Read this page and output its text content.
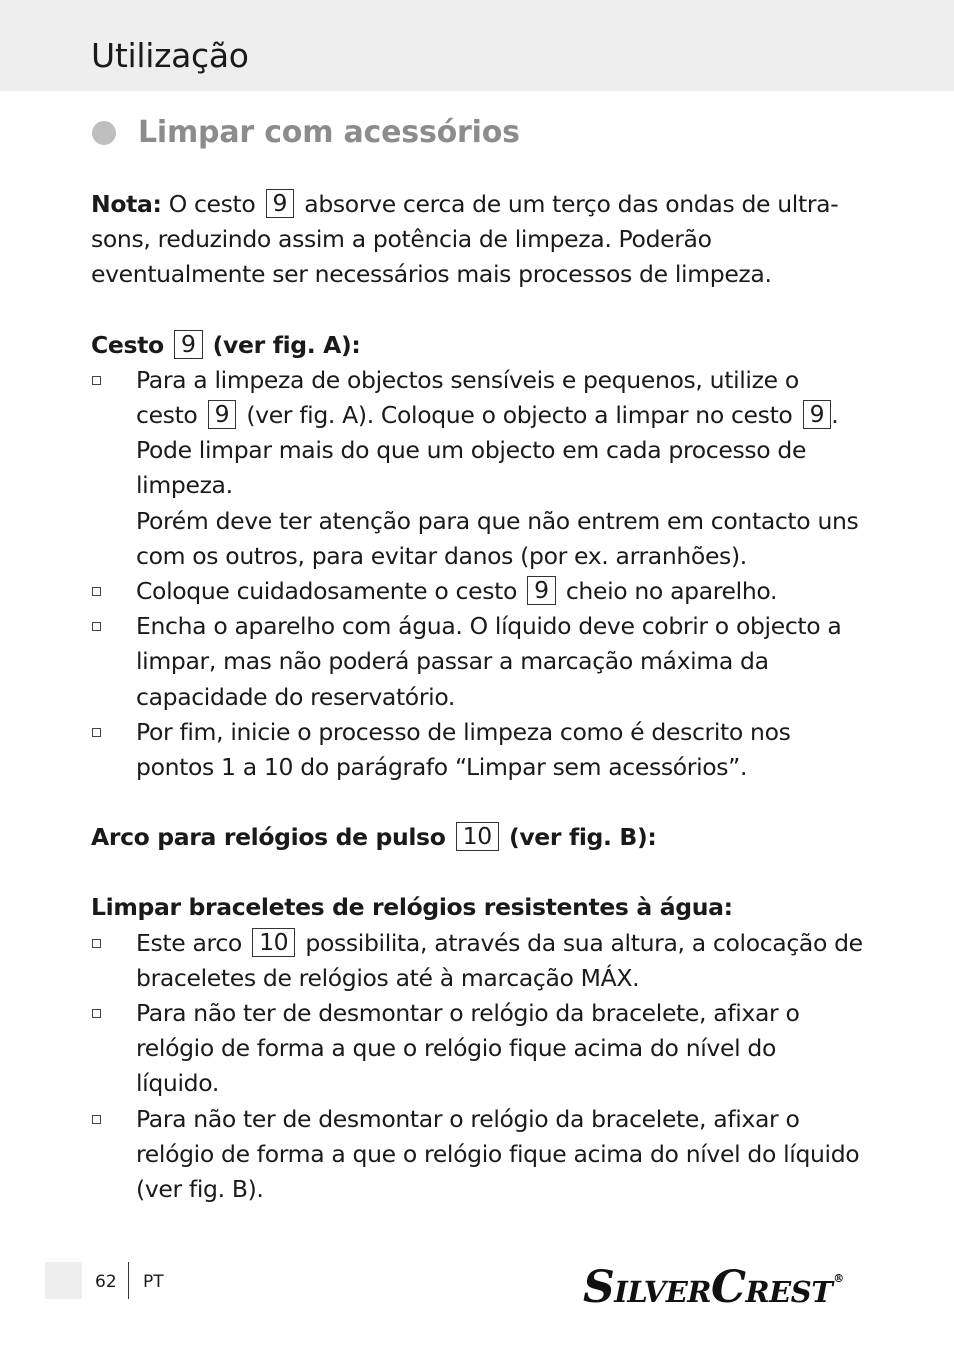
Utilização
Limpar com acessórios

Nota: O cesto 9 absorve cerca de um terço das ondas de ultra-sons, reduzindo assim a potência de limpeza. Poderão eventualmente ser necessários mais processos de limpeza.

Cesto 9 (ver fig. A):

Para a limpeza de objectos sensíveis e pequenos, utilize o cesto 9 (ver fig. A). Coloque o objecto a limpar no cesto 9 . Pode limpar mais do que um objecto em cada processo de limpeza.
Porém deve ter atenção para que não entrem em contacto uns com os outros, para evitar danos (por ex. arranhões).
Coloque cuidadosamente o cesto 9 cheio no aparelho.
Encha o aparelho com água. O líquido deve cobrir o objecto a limpar, mas não poderá passar a marcação máxima da capacidade do reservatório.
Por fim, inicie o processo de limpeza como é descrito nos pontos 1 a 10 do parágrafo “Limpar sem acessórios”.

Arco para relógios de pulso 10 (ver fig. B):

Limpar braceletes de relógios resistentes à água:

Este arco 10 possibilita, através da sua altura, a colocação de braceletes de relógios até à marcação MÁX.
Para não ter de desmontar o relógio da bracelete, afixar o relógio de forma a que o relógio fique acima do nível do líquido.
Para não ter de desmontar o relógio da bracelete, afixar o relógio de forma a que o relógio fique acima do nível do líquido
(ver fig. B).
62 PT	SILVERCREST®
